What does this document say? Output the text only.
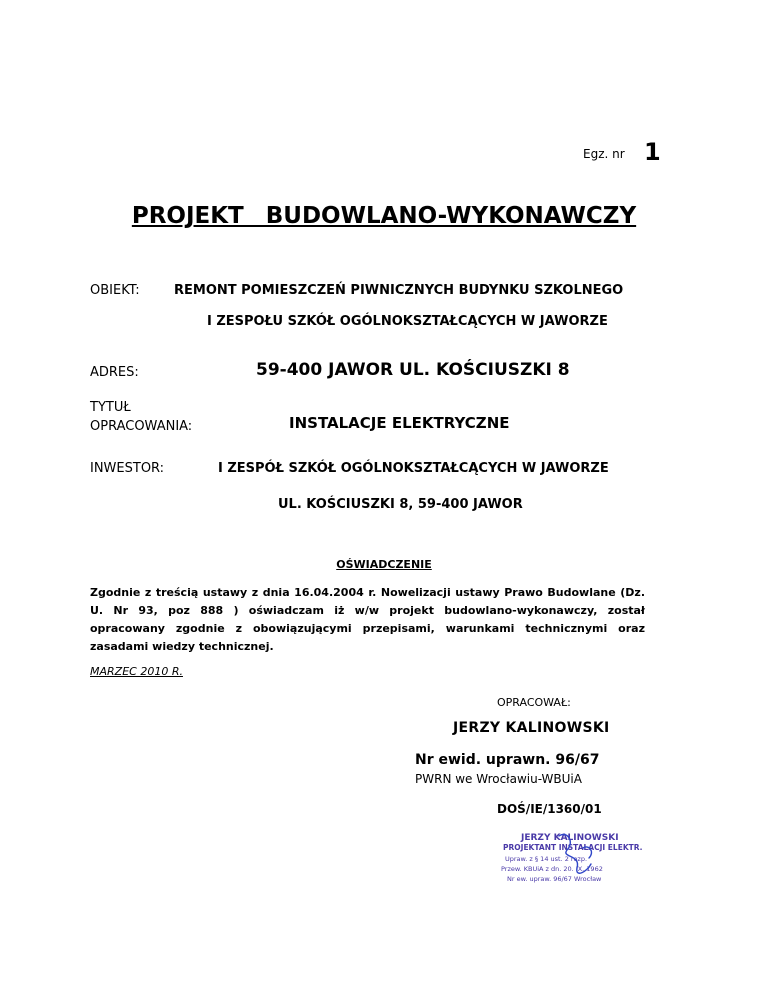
Egz. nr 1
PROJEKT BUDOWLANO-WYKONAWCZY
OBIEKT:	REMONT POMIESZCZEŃ PIWNICZNYCH BUDYNKU SZKOLNEGO
I ZESPOŁU SZKÓŁ OGÓLNOKSZTAŁCĄCYCH W JAWORZE
ADRES:	59-400 JAWOR UL. KOŚCIUSZKI 8
TYTUŁ
OPRACOWANIA:	INSTALACJE ELEKTRYCZNE
INWESTOR:	I ZESPÓŁ SZKÓŁ OGÓLNOKSZTAŁCĄCYCH W JAWORZE
UL. KOŚCIUSZKI 8, 59-400 JAWOR
OŚWIADCZENIE
Zgodnie z treścią ustawy z dnia 16.04.2004 r. Nowelizacji ustawy Prawo Budowlane (Dz. U. Nr 93, poz 888 ) oświadczam iż w/w projekt budowlano-wykonawczy, został opracowany zgodnie z obowiązującymi przepisami, warunkami technicznymi oraz zasadami wiedzy technicznej.
MARZEC 2010 R.
OPRACOWAŁ:
JERZY KALINOWSKI
Nr ewid. uprawn. 96/67
PWRN we Wrocławiu-WBUiA
DOŚ/IE/1360/01
JERZY KALINOWSKI
PROJEKTANT INSTALACJI ELEKTR.
Upraw. z § 14 ust. 2 rozp.
Przew. KBUiA z dn. 20. IX. 1962
Nr ew. upraw. 96/67 Wrocław
